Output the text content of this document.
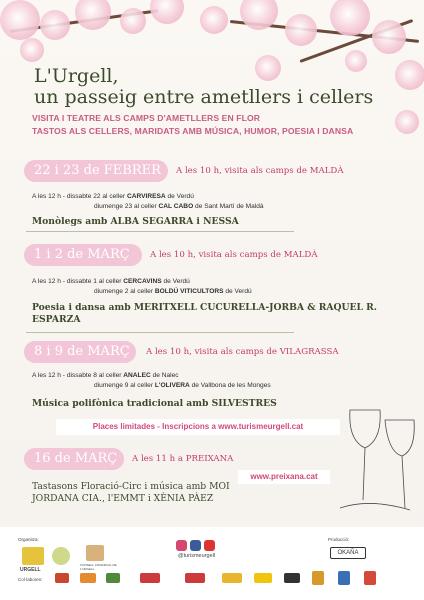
L'Urgell,
un passeig entre ametllers i cellers
VISITA I TEATRE ALS CAMPS D'AMETLLERS EN FLOR
TASTOS ALS CELLERS, MARIDATS AMB MÚSICA, HUMOR, POESIA I DANSA
22 i 23 de FEBRER	A les 10 h, visita als camps de MALDÀ
A les 12 h - dissabte 22 al celler CARVIRESA de Verdú
diumenge 23 al celler CAL CABO de Sant Martí de Maldà
Monòlegs amb ALBA SEGARRA i NESSA
1 i 2 de MARÇ	A les 10 h, visita als camps de MALDÀ
A les 12 h - dissabte 1 al celler CERCAVINS de Verdú
diumenge 2 al celler BOLDÚ VITICULTORS de Verdú
Poesia i dansa amb MERITXELL CUCURELLA-JORBA & RAQUEL R. ESPARZA
8 i 9 de MARÇ	A les 10 h, visita als camps de VILAGRASSA
A les 12 h - dissabte 8 al celler ANALEC de Nalec
diumenge 9 al celler L'OLIVERA de Vallbona de les Monges
Música polifònica tradicional amb SILVESTRES
Places limitades - Inscripcions a www.turismeurgell.cat
16 de MARÇ	A les 11 h a PREIXANA
Tastasons Floració-Circ i música amb MOI JORDANA CIA., l'EMMT i XÈNIA PÀEZ
www.preixana.cat
Organitza:	Producció:
Col·laboren:
URGELL
CONSELL COMARCAL DE L'URGELL
OKAÑA
@turismeurgell
